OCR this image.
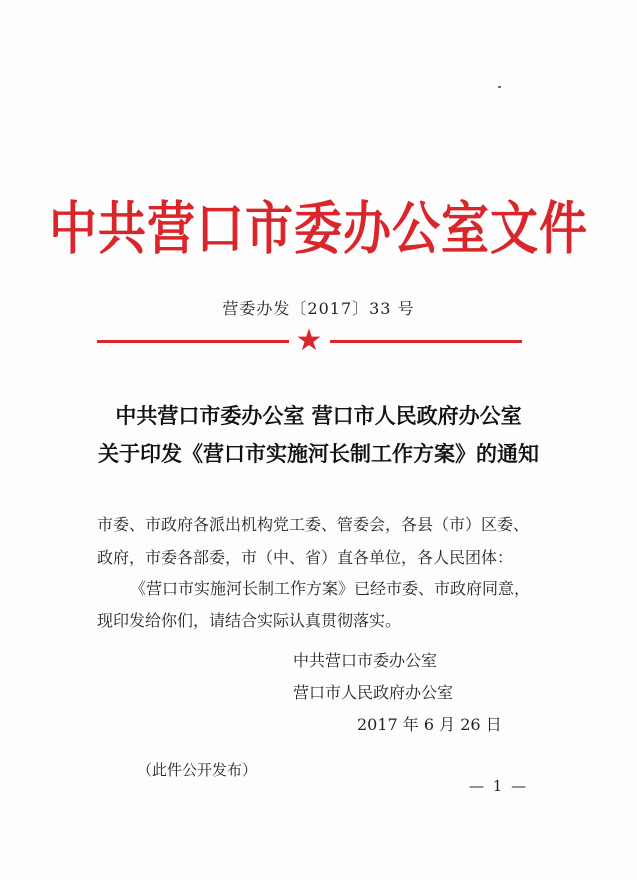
中共营口市委办公室文件
营委办发〔2017〕33 号
★
中共营口市委办公室 营口市人民政府办公室
关于印发《营口市实施河长制工作方案》的通知
市委、市政府各派出机构党工委、管委会，各县（市）区委、
政府，市委各部委，市（中、省）直各单位，各人民团体：
《营口市实施河长制工作方案》已经市委、市政府同意，
现印发给你们，请结合实际认真贯彻落实。
中共营口市委办公室
营口市人民政府办公室
2017 年 6 月 26 日
（此件公开发布）
— 1 —
